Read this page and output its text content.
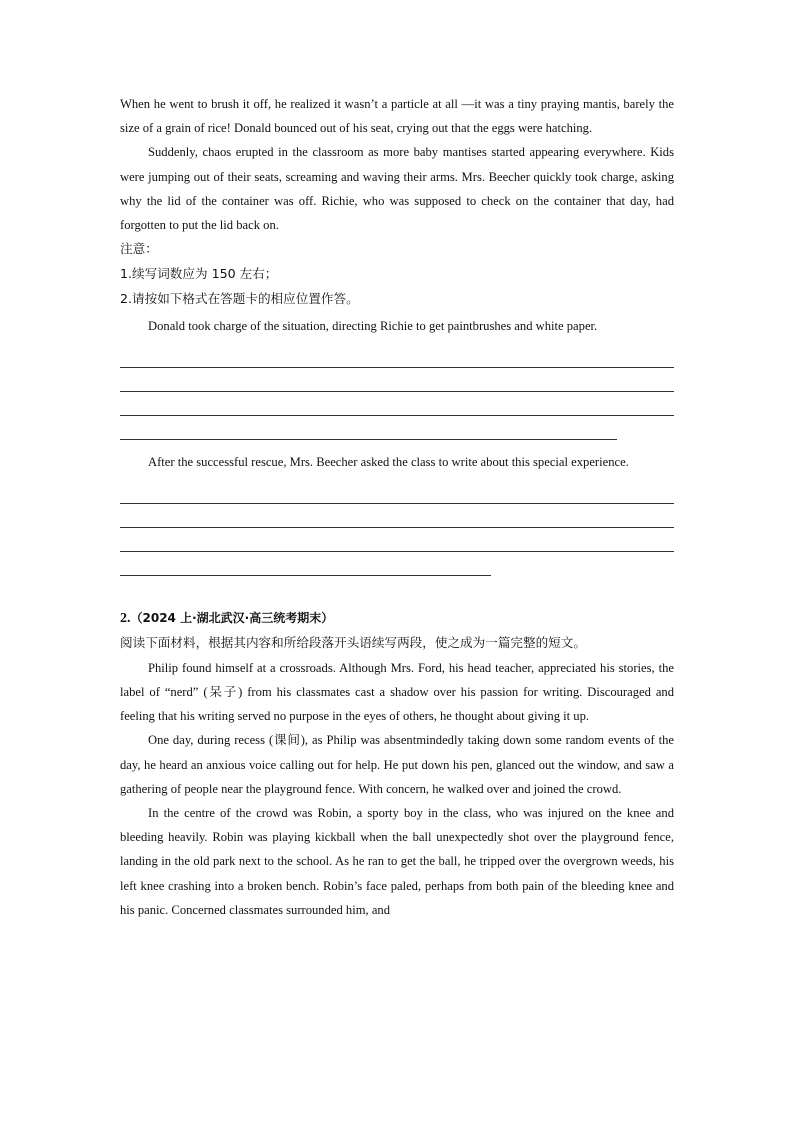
When he went to brush it off, he realized it wasn’t a particle at all —it was a tiny praying mantis, barely the size of a grain of rice! Donald bounced out of his seat, crying out that the eggs were hatching.

Suddenly, chaos erupted in the classroom as more baby mantises started appearing everywhere. Kids were jumping out of their seats, screaming and waving their arms. Mrs. Beecher quickly took charge, asking why the lid of the container was off. Richie, who was supposed to check on the container that day, had forgotten to put the lid back on.

注意：

1.续写词数应为 150 左右；

2.请按如下格式在答题卡的相应位置作答。

Donald took charge of the situation, directing Richie to get paintbrushes and white paper.

After the successful rescue, Mrs. Beecher asked the class to write about this special experience.

2.（2024 上·湖北武汉·高三统考期末）

阅读下面材料，根据其内容和所给段落开头语续写两段，使之成为一篇完整的短文。

Philip found himself at a crossroads. Although Mrs. Ford, his head teacher, appreciated his stories, the label of “nerd” (呆子) from his classmates cast a shadow over his passion for writing. Discouraged and feeling that his writing served no purpose in the eyes of others, he thought about giving it up.

One day, during recess (课间), as Philip was absentmindedly taking down some random events of the day, he heard an anxious voice calling out for help. He put down his pen, glanced out the window, and saw a gathering of people near the playground fence. With concern, he walked over and joined the crowd.

In the centre of the crowd was Robin, a sporty boy in the class, who was injured on the knee and bleeding heavily. Robin was playing kickball when the ball unexpectedly shot over the playground fence, landing in the old park next to the school. As he ran to get the ball, he tripped over the overgrown weeds, his left knee crashing into a broken bench. Robin’s face paled, perhaps from both pain of the bleeding knee and his panic. Concerned classmates surrounded him, and
